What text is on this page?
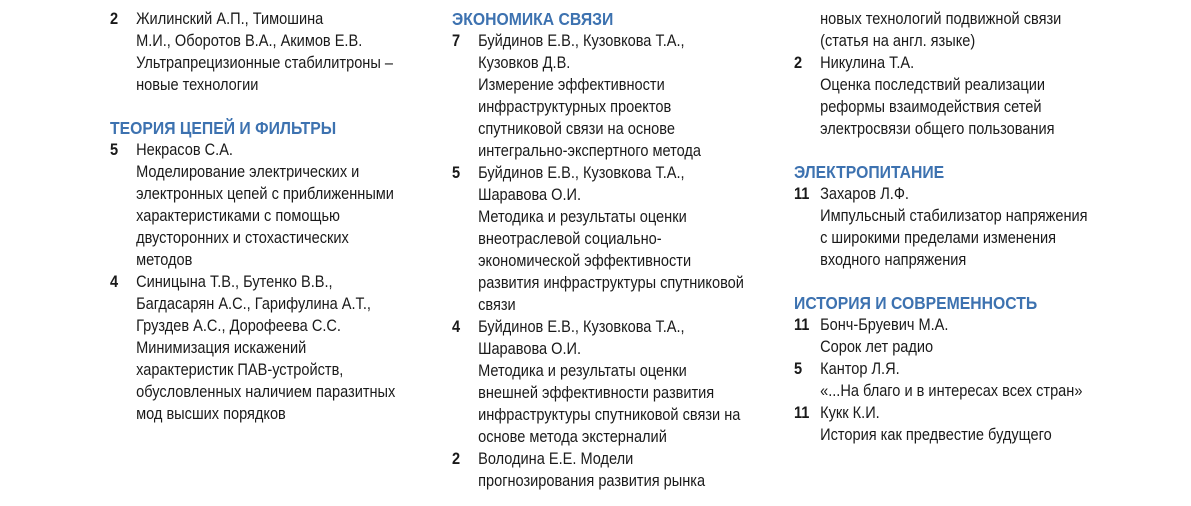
2	Жилинский А.П., Тимошина
М.И., Оборотов В.А., Акимов Е.В.
Ультрапрецизионные стабилитроны –
новые технологии
ТЕОРИЯ ЦЕПЕЙ И ФИЛЬТРЫ
5	Некрасов С.А.
Моделирование электрических и
электронных цепей с приближенными
характеристиками с помощью
двусторонних и стохастических
методов
4	Синицына Т.В., Бутенко В.В.,
Багдасарян А.С., Гарифулина А.Т.,
Груздев А.С., Дорофеева С.С.
Минимизация искажений
характеристик ПАВ-устройств,
обусловленных наличием паразитных
мод высших порядков
ЭКОНОМИКА СВЯЗИ
7	Буйдинов Е.В., Кузовкова Т.А.,
Кузовков Д.В.
Измерение эффективности
инфраструктурных проектов
спутниковой связи на основе
интегрально-экспертного метода
5	Буйдинов Е.В., Кузовкова Т.А.,
Шаравова О.И.
Методика и результаты оценки
внеотраслевой социально-
экономической эффективности
развития инфраструктуры спутниковой
связи
4	Буйдинов Е.В., Кузовкова Т.А.,
Шаравова О.И.
Методика и результаты оценки
внешней эффективности развития
инфраструктуры спутниковой связи на
основе метода экстерналий
2	Володина Е.Е. Модели
прогнозирования развития рынка
новых технологий подвижной связи
(статья на англ. языке)
2	Никулина Т.А.
Оценка последствий реализации
реформы взаимодействия сетей
электросвязи общего пользования
ЭЛЕКТРОПИТАНИЕ
11 Захаров Л.Ф.
Импульсный стабилизатор напряжения
с широкими пределами изменения
входного напряжения
ИСТОРИЯ И СОВРЕМЕННОСТЬ
11 Бонч-Бруевич М.А.
Сорок лет радио
5	Кантор Л.Я.
«...На благо и в интересах всех стран»
11 Кукк К.И.
История как предвестие будущего
